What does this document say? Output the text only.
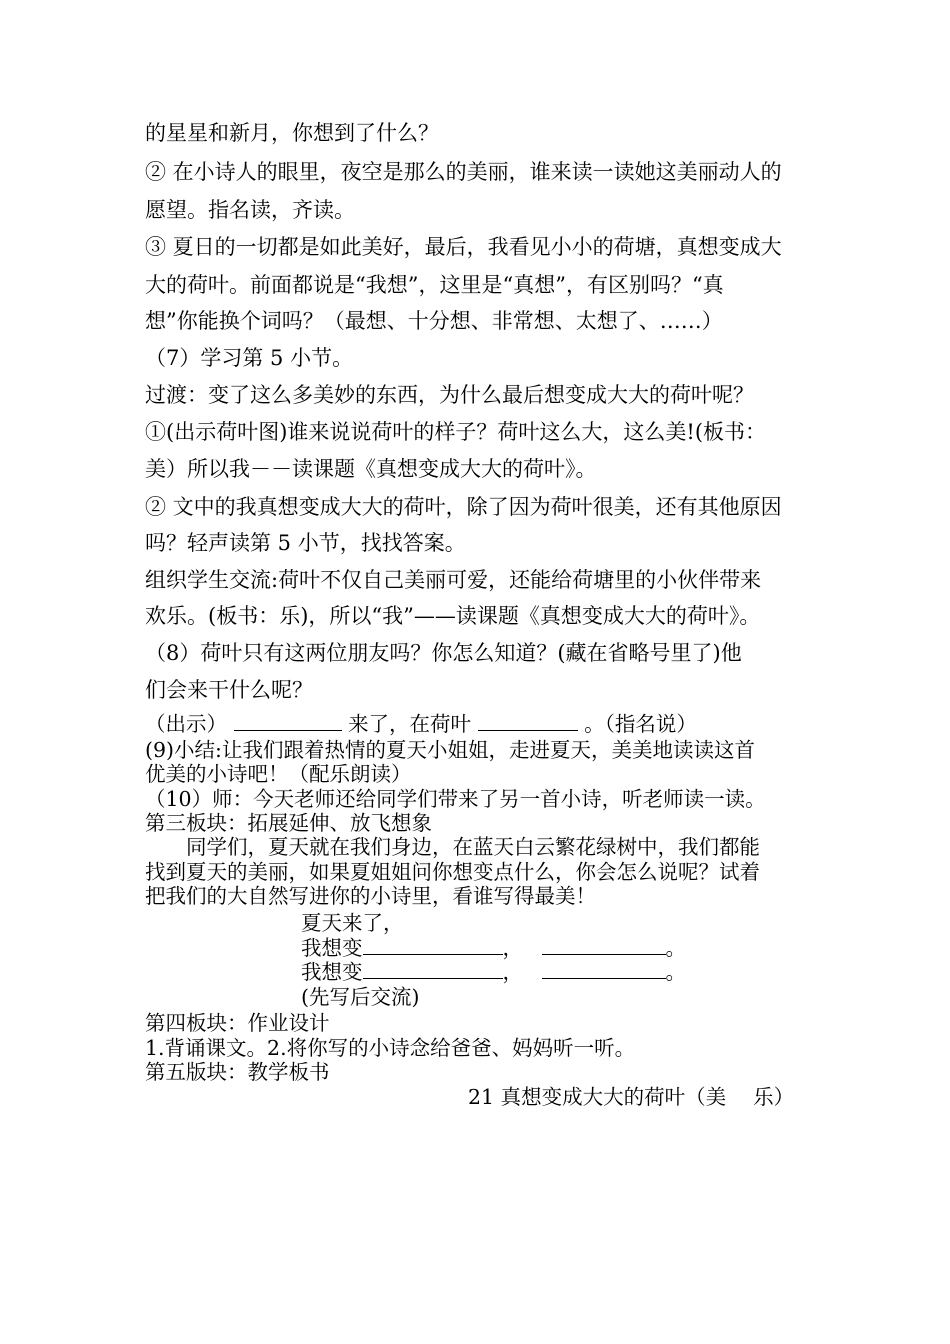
的星星和新月，你想到了什么？
② 在小诗人的眼里，夜空是那么的美丽，谁来读一读她这美丽动人的
愿望。指名读，齐读。
③ 夏日的一切都是如此美好，最后，我看见小小的荷塘，真想变成大
大的荷叶。前面都说是“我想”，这里是“真想”，有区别吗？“真
想”你能换个词吗？（最想、十分想、非常想、太想了、……）
（7）学习第 5 小节。
过渡：变了这么多美妙的东西，为什么最后想变成大大的荷叶呢？
①(出示荷叶图)谁来说说荷叶的样子？荷叶这么大，这么美!(板书：
美）所以我－－读课题《真想变成大大的荷叶》。
② 文中的我真想变成大大的荷叶，除了因为荷叶很美，还有其他原因
吗？轻声读第 5 小节，找找答案。
组织学生交流:荷叶不仅自己美丽可爱，还能给荷塘里的小伙伴带来
欢乐。(板书：乐)，所以“我”——读课题《真想变成大大的荷叶》。
（8）荷叶只有这两位朋友吗？你怎么知道？(藏在省略号里了)他
们会来干什么呢？
（出示）	来了，在荷叶	。（指名说）
(9)小结:让我们跟着热情的夏天小姐姐，走进夏天，美美地读读这首
优美的小诗吧！（配乐朗读）
（10）师：今天老师还给同学们带来了另一首小诗，听老师读一读。
第三板块：拓展延伸、放飞想象
　　同学们，夏天就在我们身边，在蓝天白云繁花绿树中，我们都能
找到夏天的美丽，如果夏姐姐问你想变点什么，你会怎么说呢？试着
把我们的大自然写进你的小诗里，看谁写得最美！
夏天来了，
我想变	，	。
我想变	，	。
(先写后交流)
第四板块：作业设计
1.背诵课文。2.将你写的小诗念给爸爸、妈妈听一听。
第五版块：教学板书
21 真想变成大大的荷叶（美　 乐）
